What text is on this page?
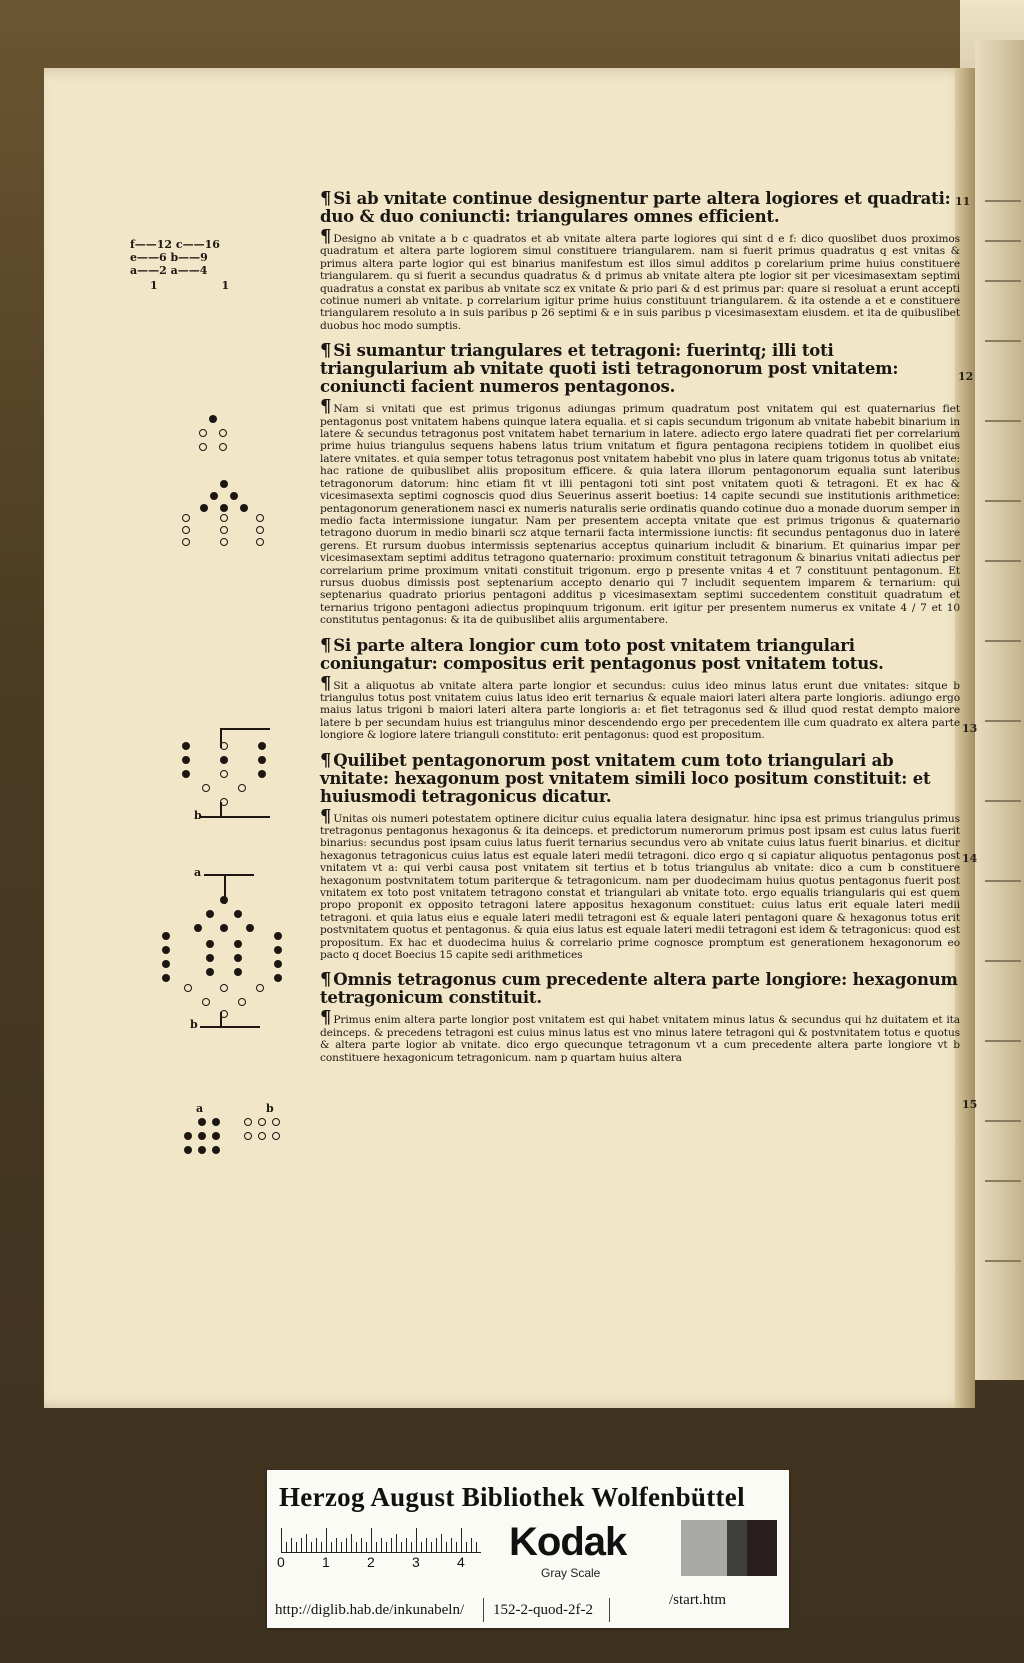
11
12
13
14
15
¶ Si ab vnitate continue designentur parte altera logiores et quadrati: duo & duo coniuncti: triangulares omnes efficient.
¶ Designo ab vnitate a b c quadratos et ab vnitate altera parte logiores qui sint d e f: dico quoslibet duos proximos quadratum et altera parte logiorem simul constituere triangularem. nam si fuerit primus quadratus q est vnitas & primus altera parte logior qui est binarius manifestum est illos simul additos p corelarium prime huius constituere triangularem. qu si fuerit a secundus quadratus & d primus ab vnitate altera pte logior sit per vicesimasextam septimi quadratus a constat ex paribus ab vnitate scz ex vnitate & prio pari & d est primus par: quare si resoluat a erunt accepti cotinue numeri ab vnitate. p correlarium igitur prime huius constituunt triangularem. & ita ostende a et e constituere triangularem resoluto a in suis paribus p 26 septimi & e in suis paribus p vicesimasextam eiusdem. et ita de quibuslibet duobus hoc modo sumptis.
¶ Si sumantur triangulares et tetragoni: fuerintq; illi toti triangularium ab vnitate quoti isti tetragonorum post vnitatem: coniuncti facient numeros pentagonos.
¶ Nam si vnitati que est primus trigonus adiungas primum quadratum post vnitatem qui est quaternarius fiet pentagonus post vnitatem habens quinque latera equalia. et si capis secundum trigonum ab vnitate habebit binarium in latere & secundus tetragonus post vnitatem habet ternarium in latere. adiecto ergo latere quadrati fiet per correlarium prime huius triangulus sequens habens latus trium vnitatum et figura pentagona recipiens totidem in quolibet eius latere vnitates. et quia semper totus tetragonus post vnitatem habebit vno plus in latere quam trigonus totus ab vnitate: hac ratione de quibuslibet aliis propositum efficere. & quia latera illorum pentagonorum equalia sunt lateribus tetragonorum datorum: hinc etiam fit vt illi pentagoni toti sint post vnitatem quoti & tetragoni. Et ex hac & vicesimasexta septimi cognoscis quod dius Seuerinus asserit boetius: 14 capite secundi sue institutionis arithmetice: pentagonorum generationem nasci ex numeris naturalis serie ordinatis quando cotinue duo a monade duorum semper in medio facta intermissione iungatur. Nam per presentem accepta vnitate que est primus trigonus & quaternario tetragono duorum in medio binarii scz atque ternarii facta intermissione iunctis: fit secundus pentagonus duo in latere gerens. Et rursum duobus intermissis septenarius acceptus quinarium includit & binarium. Et quinarius impar per vicesimasextam septimi additus tetragono quaternario: proximum constituit tetragonum & binarius vnitati adiectus per correlarium prime proximum vnitati constituit trigonum. ergo p presente vnitas 4 et 7 constituunt pentagonum. Et rursus duobus dimissis post septenarium accepto denario qui 7 includit sequentem imparem & ternarium: qui septenarius quadrato priorius pentagoni additus p vicesimasextam septimi succedentem constituit quadratum et ternarius trigono pentagoni adiectus propinquum trigonum. erit igitur per presentem numerus ex vnitate 4 / 7 et 10 constitutus pentagonus: & ita de quibuslibet aliis argumentabere.
¶ Si parte altera longior cum toto post vnitatem triangulari coniungatur: compositus erit pentagonus post vnitatem totus.
¶ Sit a aliquotus ab vnitate altera parte longior et secundus: cuius ideo minus latus erunt due vnitates: sitque b triangulus totus post vnitatem cuius latus ideo erit ternarius & equale maiori lateri altera parte longioris. adiungo ergo maius latus trigoni b maiori lateri altera parte longioris a: et fiet tetragonus sed & illud quod restat dempto maiore latere b per secundam huius est triangulus minor descendendo ergo per precedentem ille cum quadrato ex altera parte longiore & logiore latere trianguli constituto: erit pentagonus: quod est propositum.
¶ Quilibet pentagonorum post vnitatem cum toto triangulari ab vnitate: hexagonum post vnitatem simili loco positum constituit: et huiusmodi tetragonicus dicatur.
¶ Unitas ois numeri potestatem optinere dicitur cuius equalia latera designatur. hinc ipsa est primus triangulus primus tretragonus pentagonus hexagonus & ita deinceps. et predictorum numerorum primus post ipsam est cuius latus fuerit binarius: secundus post ipsam cuius latus fuerit ternarius secundus vero ab vnitate cuius latus fuerit binarius. et dicitur hexagonus tetragonicus cuius latus est equale lateri medii tetragoni. dico ergo q si capiatur aliquotus pentagonus post vnitatem vt a: qui verbi causa post vnitatem sit tertius et b totus triangulus ab vnitate: dico a cum b constituere hexagonum postvnitatem totum pariterque & tetragonicum. nam per duodecimam huius quotus pentagonus fuerit post vnitatem ex toto post vnitatem tetragono constat et triangulari ab vnitate toto. ergo equalis triangularis qui est quem propo proponit ex opposito tetragoni latere appositus hexagonum constituet: cuius latus erit equale lateri medii tetragoni. et quia latus eius e equale lateri medii tetragoni est & equale lateri pentagoni quare & hexagonus totus erit postvnitatem quotus et pentagonus. & quia eius latus est equale lateri medii tetragoni est idem & tetragonicus: quod est propositum. Ex hac et duodecima huius & correlario prime cognosce promptum est generationem hexagonorum eo pacto q docet Boecius 15 capite sedi arithmetices
¶ Omnis tetragonus cum precedente altera parte longiore: hexagonum tetragonicum constituit.
¶ Primus enim altera parte longior post vnitatem est qui habet vnitatem minus latus & secundus qui hz duitatem et ita deinceps. & precedens tetragoni est cuius minus latus est vno minus latere tetragoni qui & postvnitatem totus e quotus & altera parte logior ab vnitate. dico ergo quecunque tetragonum vt a cum precedente altera parte longiore vt b constituere hexagonicum tetragonicum. nam p quartam huius altera
f——12 c——16
e——6 b——9
a——2 a——4
1	1
b
a
b
a	b
Herzog August Bibliothek Wolfenbüttel
0	1	2	3	4 Kodak
Gray Scale
http://diglib.hab.de/inkunabeln/ 152-2-quod-2f-2
/start.htm
